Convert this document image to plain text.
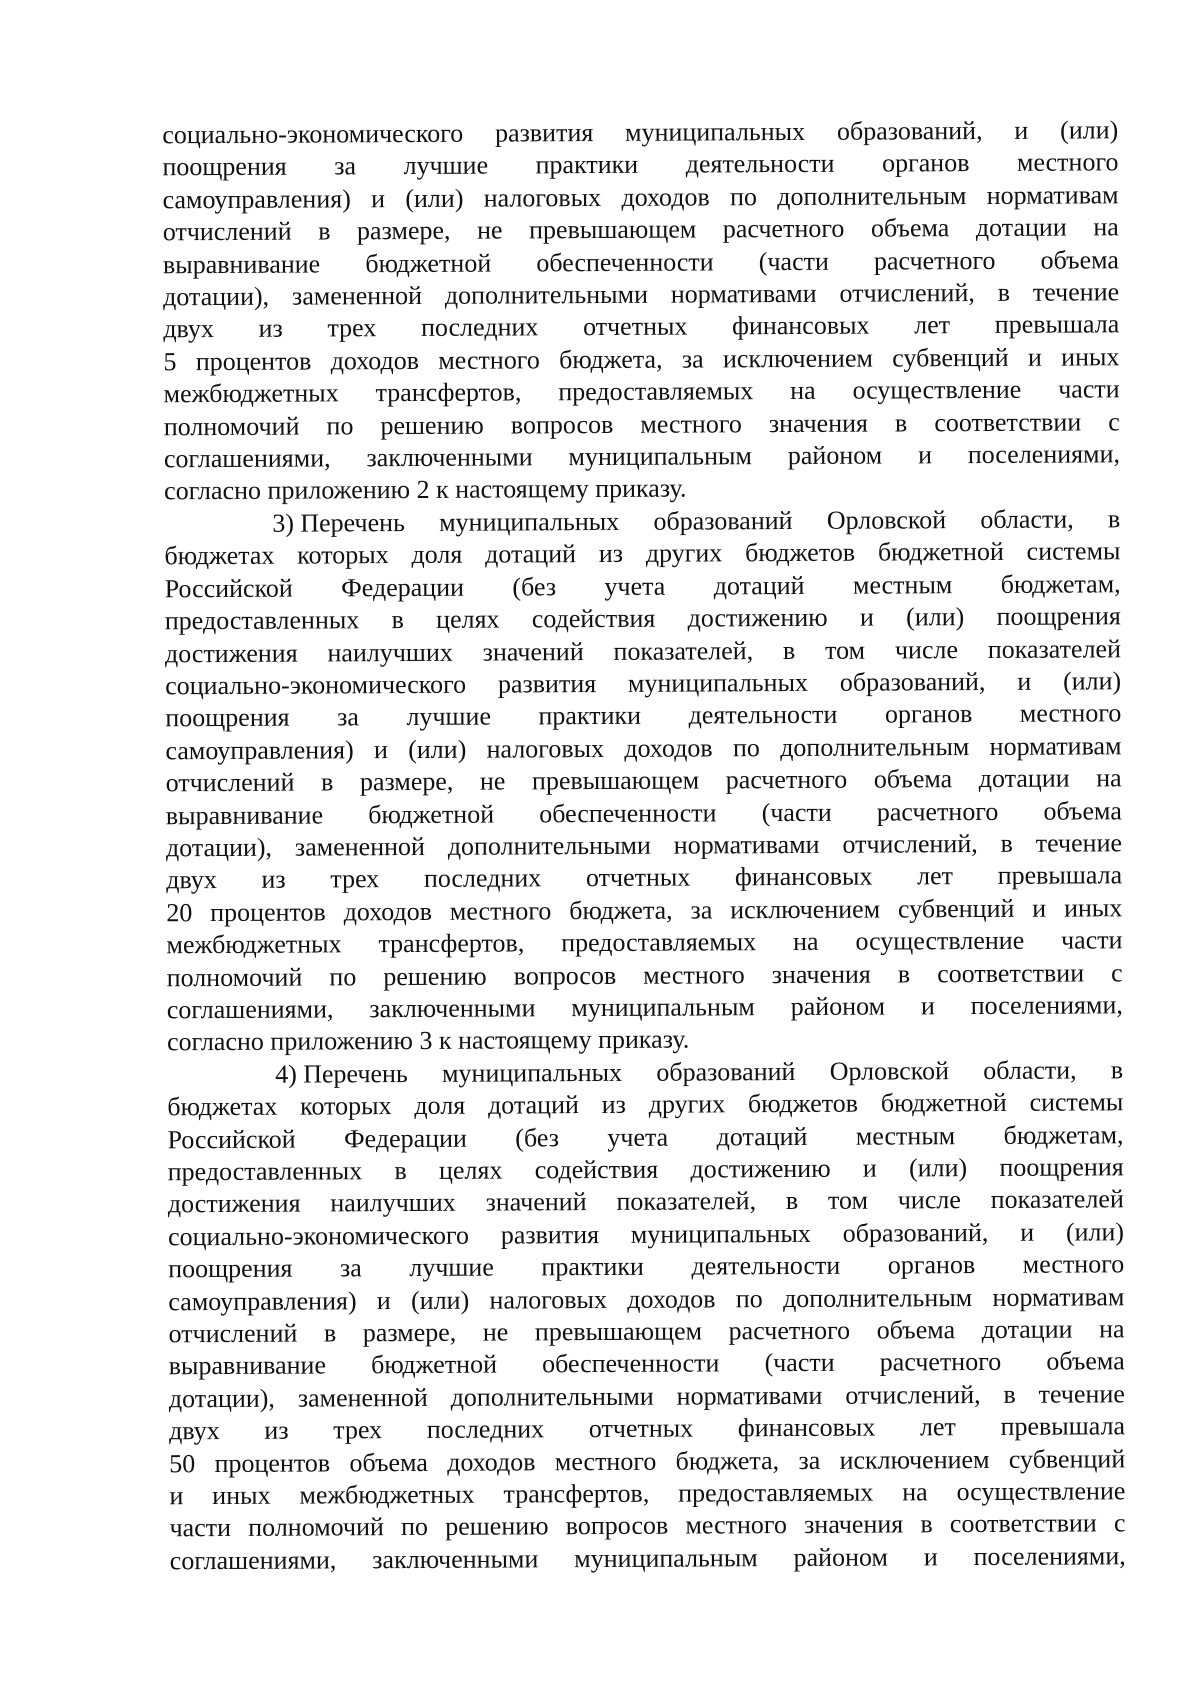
социально-экономического развития муниципальных образований, и (или)
поощрения за лучшие практики деятельности органов местного
самоуправления) и (или) налоговых доходов по дополнительным нормативам
отчислений в размере, не превышающем расчетного объема дотации на
выравнивание бюджетной обеспеченности (части расчетного объема
дотации), замененной дополнительными нормативами отчислений, в течение
двух из трех последних отчетных финансовых лет превышала
5 процентов доходов местного бюджета, за исключением субвенций и иных
межбюджетных трансфертов, предоставляемых на осуществление части
полномочий по решению вопросов местного значения в соответствии с
соглашениями, заключенными муниципальным районом и поселениями,
согласно приложению 2 к настоящему приказу.
3) Перечень муниципальных образований Орловской области, в
бюджетах которых доля дотаций из других бюджетов бюджетной системы
Российской Федерации (без учета дотаций местным бюджетам,
предоставленных в целях содействия достижению и (или) поощрения
достижения наилучших значений показателей, в том числе показателей
социально-экономического развития муниципальных образований, и (или)
поощрения за лучшие практики деятельности органов местного
самоуправления) и (или) налоговых доходов по дополнительным нормативам
отчислений в размере, не превышающем расчетного объема дотации на
выравнивание бюджетной обеспеченности (части расчетного объема
дотации), замененной дополнительными нормативами отчислений, в течение
двух из трех последних отчетных финансовых лет превышала
20 процентов доходов местного бюджета, за исключением субвенций и иных
межбюджетных трансфертов, предоставляемых на осуществление части
полномочий по решению вопросов местного значения в соответствии с
соглашениями, заключенными муниципальным районом и поселениями,
согласно приложению 3 к настоящему приказу.
4) Перечень муниципальных образований Орловской области, в
бюджетах которых доля дотаций из других бюджетов бюджетной системы
Российской Федерации (без учета дотаций местным бюджетам,
предоставленных в целях содействия достижению и (или) поощрения
достижения наилучших значений показателей, в том числе показателей
социально-экономического развития муниципальных образований, и (или)
поощрения за лучшие практики деятельности органов местного
самоуправления) и (или) налоговых доходов по дополнительным нормативам
отчислений в размере, не превышающем расчетного объема дотации на
выравнивание бюджетной обеспеченности (части расчетного объема
дотации), замененной дополнительными нормативами отчислений, в течение
двух из трех последних отчетных финансовых лет превышала
50 процентов объема доходов местного бюджета, за исключением субвенций
и иных межбюджетных трансфертов, предоставляемых на осуществление
части полномочий по решению вопросов местного значения в соответствии с
соглашениями, заключенными муниципальным районом и поселениями,
